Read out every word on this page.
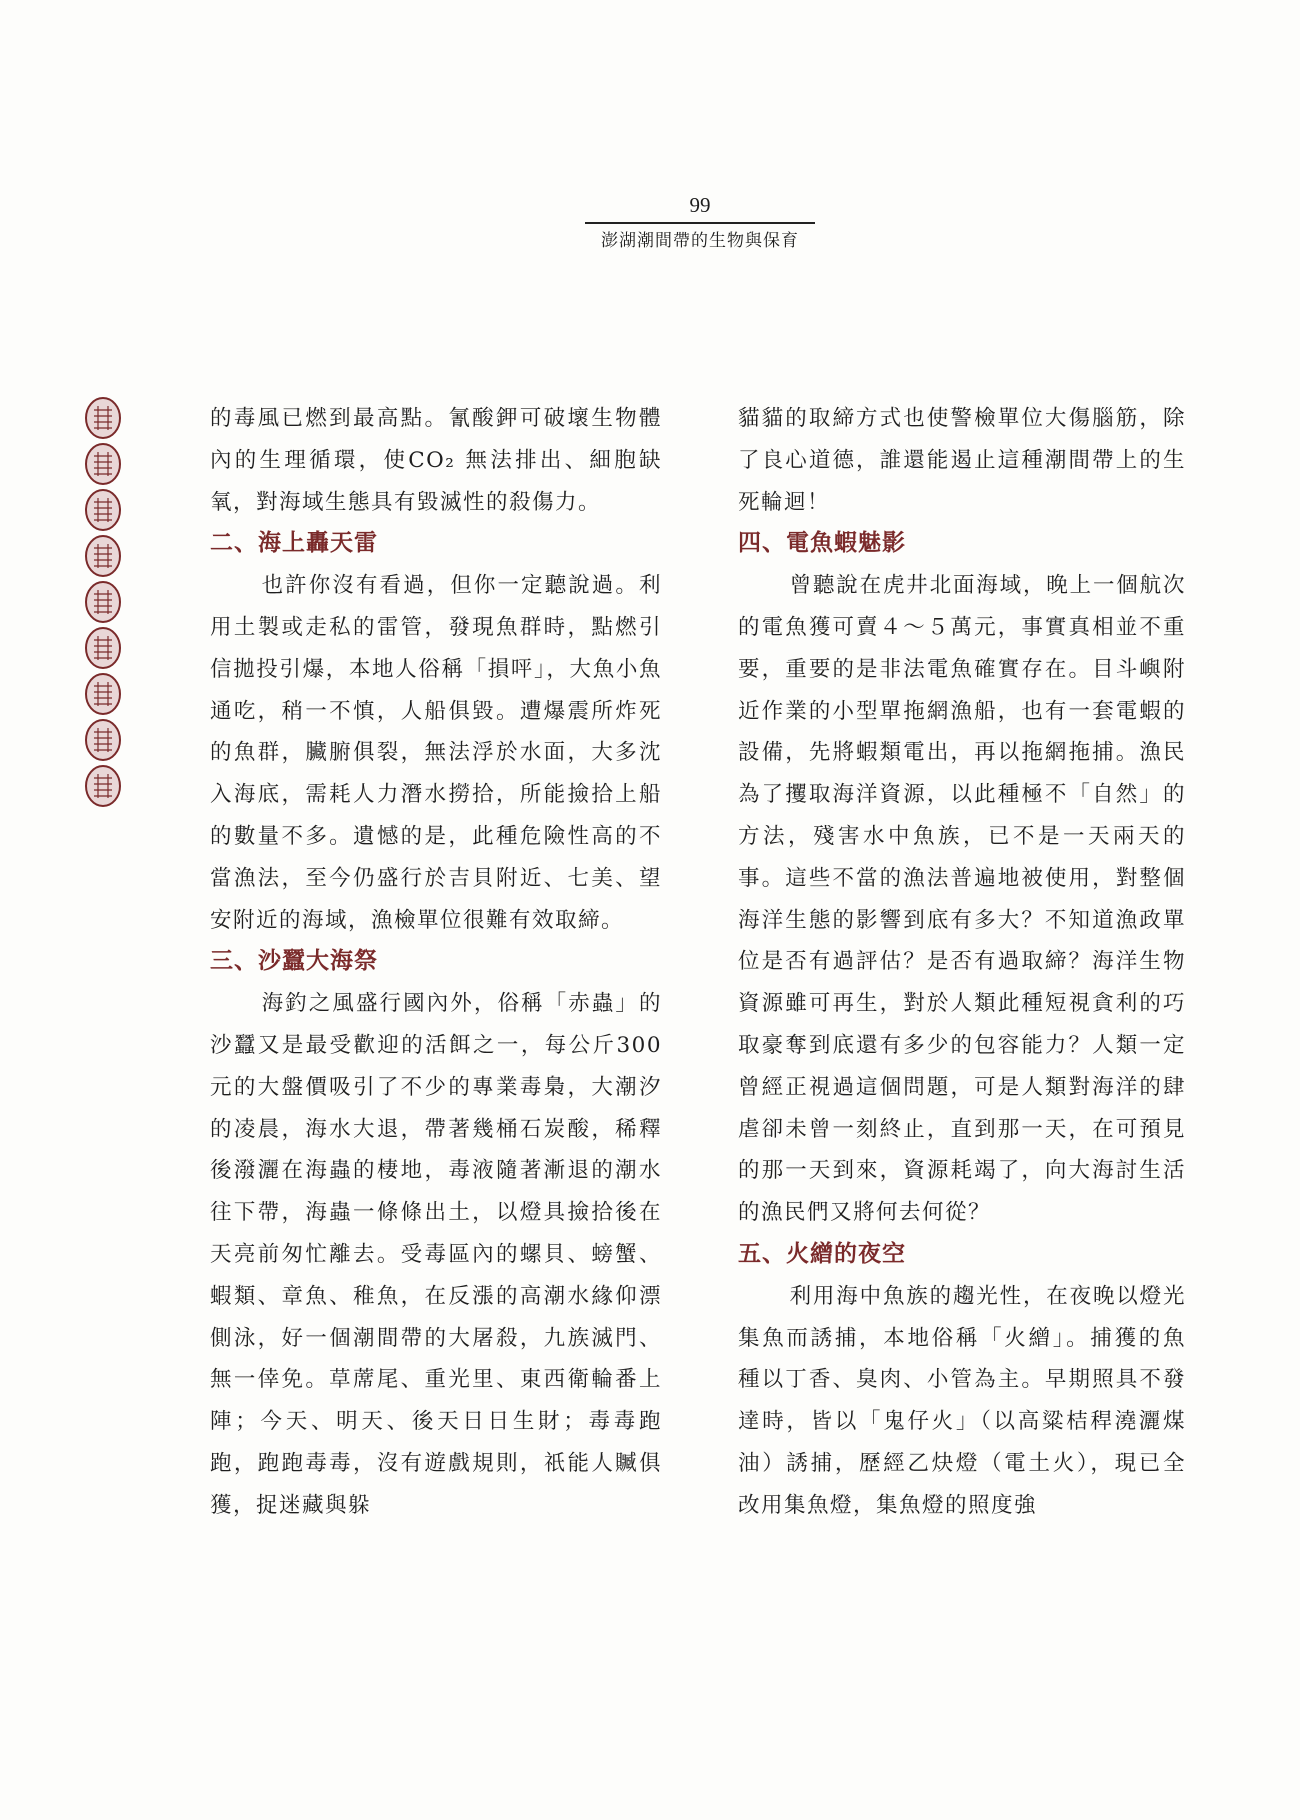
99
澎湖潮間帶的生物與保育

的毒風已燃到最高點。氰酸鉀可破壞生物體內的生理循環，使CO₂ 無法排出、細胞缺氧，對海域生態具有毀滅性的殺傷力。

二、海上轟天雷

也許你沒有看過，但你一定聽說過。利用土製或走私的雷管，發現魚群時，點燃引信拋投引爆，本地人俗稱「損呯」，大魚小魚通吃，稍一不慎，人船俱毀。遭爆震所炸死的魚群，臟腑俱裂，無法浮於水面，大多沈入海底，需耗人力潛水撈拾，所能撿拾上船的數量不多。遺憾的是，此種危險性高的不當漁法，至今仍盛行於吉貝附近、七美、望安附近的海域，漁檢單位很難有效取締。

三、沙蠶大海祭

海釣之風盛行國內外，俗稱「赤蟲」的沙蠶又是最受歡迎的活餌之一，每公斤300元的大盤價吸引了不少的專業毒梟，大潮汐的凌晨，海水大退，帶著幾桶石炭酸，稀釋後潑灑在海蟲的棲地，毒液隨著漸退的潮水往下帶，海蟲一條條出土，以燈具撿拾後在天亮前匆忙離去。受毒區內的螺貝、螃蟹、蝦類、章魚、稚魚，在反漲的高潮水緣仰漂側泳，好一個潮間帶的大屠殺，九族滅門、無一倖免。草蓆尾、重光里、東西衛輪番上陣；今天、明天、後天日日生財；毒毒跑跑，跑跑毒毒，沒有遊戲規則，祇能人贓俱獲，捉迷藏與躲

貓貓的取締方式也使警檢單位大傷腦筋，除了良心道德，誰還能遏止這種潮間帶上的生死輪迴！

四、電魚蝦魅影

曾聽說在虎井北面海域，晚上一個航次的電魚獲可賣４～５萬元，事實真相並不重要，重要的是非法電魚確實存在。目斗嶼附近作業的小型單拖網漁船，也有一套電蝦的設備，先將蝦類電出，再以拖網拖捕。漁民為了攫取海洋資源，以此種極不「自然」的方法，殘害水中魚族，已不是一天兩天的事。這些不當的漁法普遍地被使用，對整個海洋生態的影響到底有多大？不知道漁政單位是否有過評估？是否有過取締？海洋生物資源雖可再生，對於人類此種短視貪利的巧取豪奪到底還有多少的包容能力？人類一定曾經正視過這個問題，可是人類對海洋的肆虐卻未曾一刻終止，直到那一天，在可預見的那一天到來，資源耗竭了，向大海討生活的漁民們又將何去何從？

五、火繒的夜空

利用海中魚族的趨光性，在夜晚以燈光集魚而誘捕，本地俗稱「火繒」。捕獲的魚種以丁香、臭肉、小管為主。早期照具不發達時，皆以「鬼仔火」（以高粱桔稈澆灑煤油）誘捕，歷經乙炔燈（電土火），現已全改用集魚燈，集魚燈的照度強
